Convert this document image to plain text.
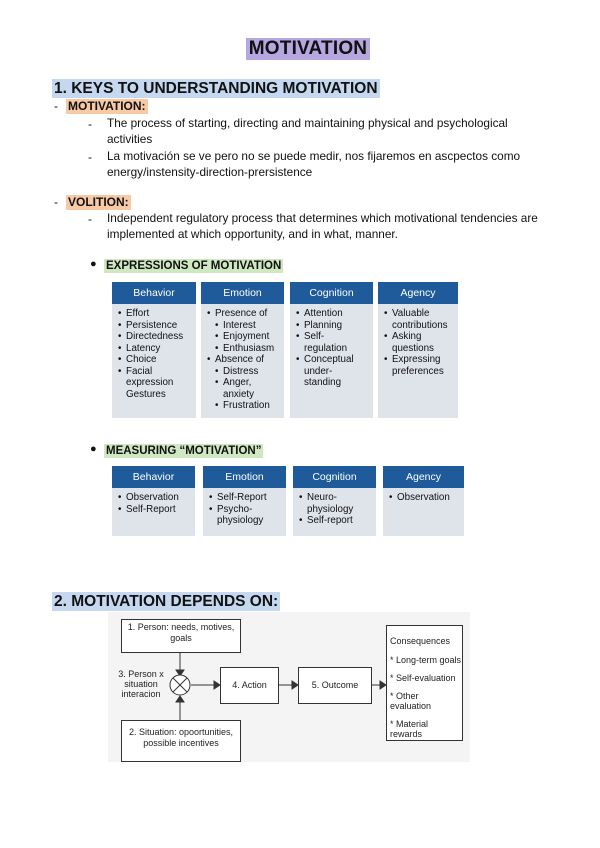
MOTIVATION
1. KEYS TO UNDERSTANDING MOTIVATION
- MOTIVATION:
- The process of starting, directing and maintaining physical and psychological activities
- La motivación se ve pero no se puede medir, nos fijaremos en ascpectos como energy/instensity-direction-prersistence
- VOLITION:
- Independent regulatory process that determines which motivational tendencies are implemented at which opportunity, and in what, manner.
● EXPRESSIONS OF MOTIVATION
Behavior
• Effort
• Persistence
• Directedness
• Latency
• Choice
• Facial expression Gestures
Emotion
• Presence of
• Interest
• Enjoyment
• Enthusiasm
• Absence of
• Distress
• Anger, anxiety
• Frustration
Cognition
• Attention
• Planning
• Self-regulation
• Conceptual under-standing
Agency
• Valuable contributions
• Asking questions
• Expressing preferences
● MEASURING “MOTIVATION”
Behavior
• Observation
• Self-Report
Emotion
• Self-Report
• Psycho-physiology
Cognition
• Neuro-physiology
• Self-report
Agency
• Observation
2. MOTIVATION DEPENDS ON:
1. Person: needs, motives, goals
3. Person x situation interacion
2. Situation: opoortunities, possible incentives
4. Action	5. Outcome
Consequences
* Long-term goals
* Self-evaluation
* Other evaluation
* Material rewards
